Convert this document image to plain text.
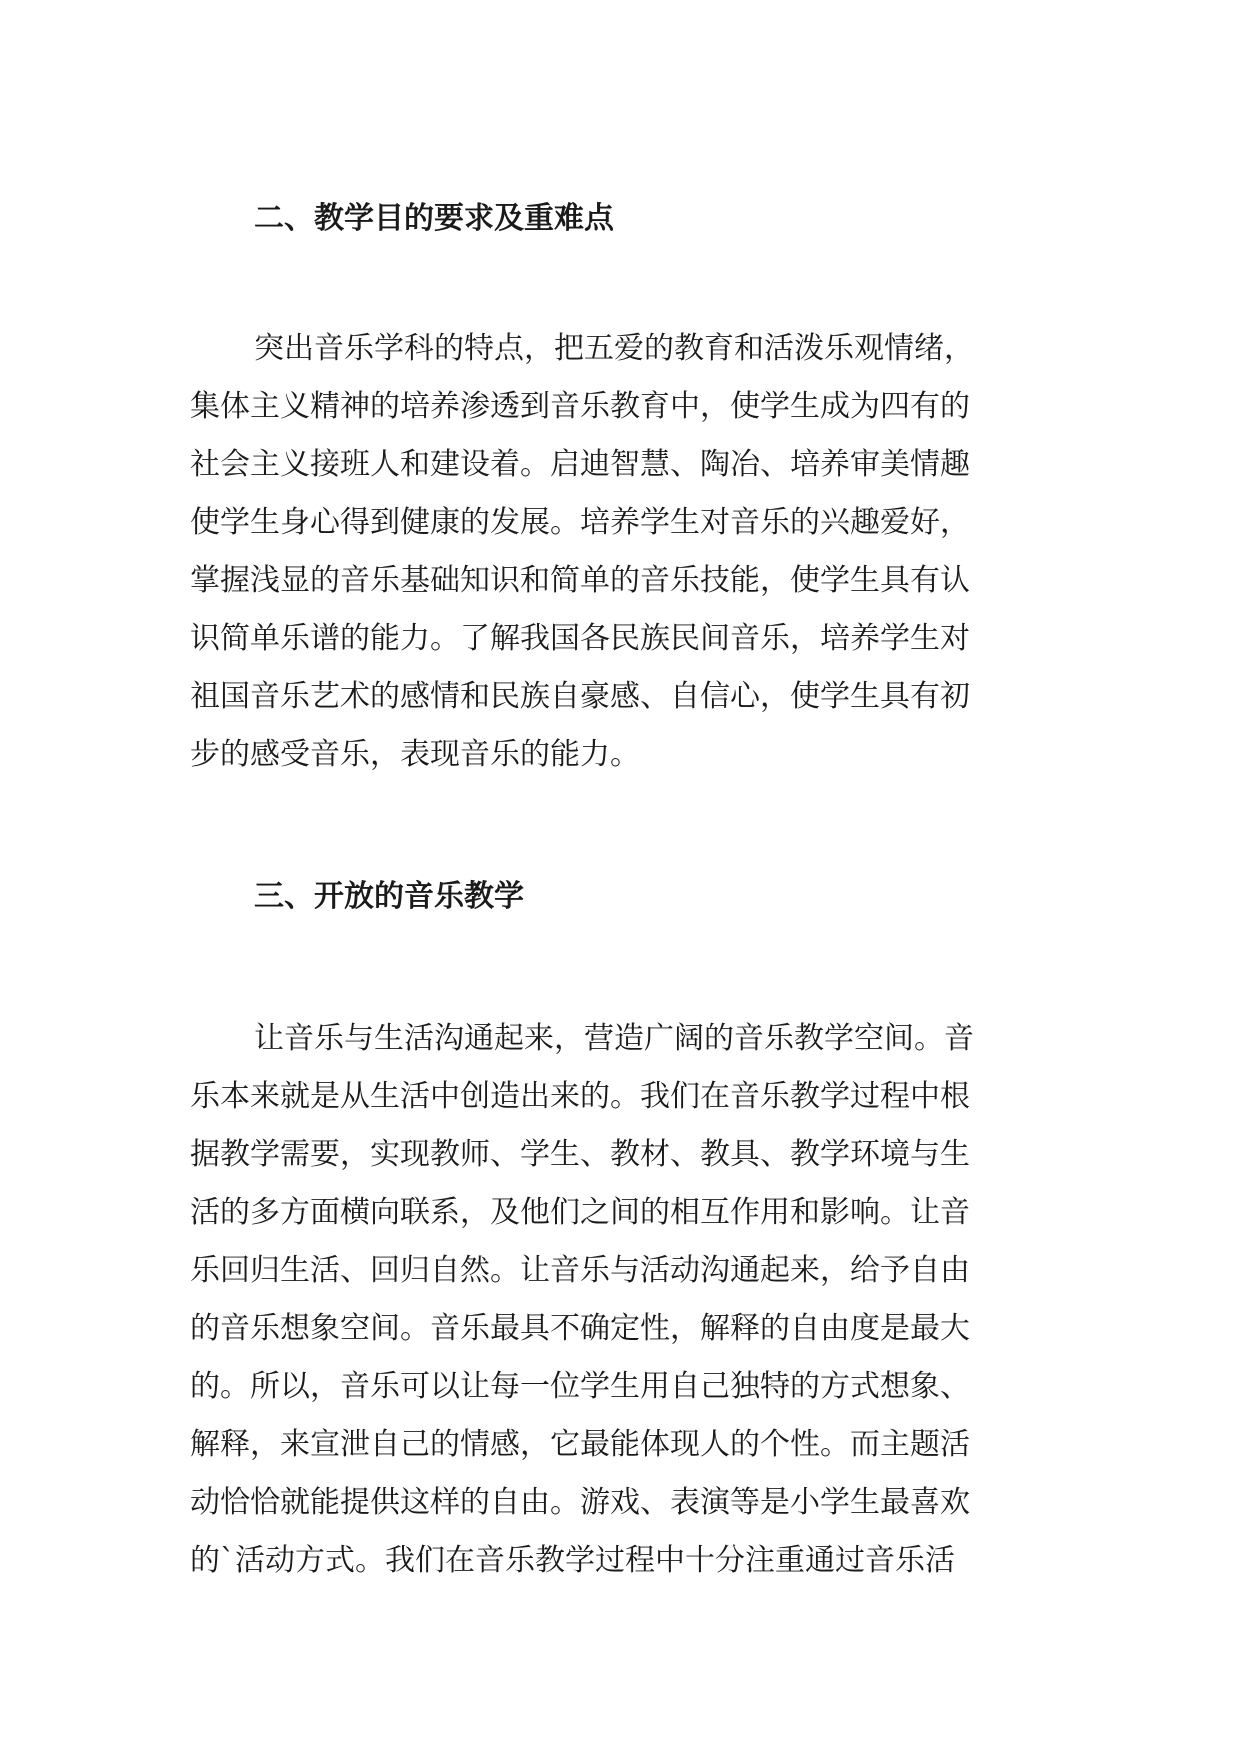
二、教学目的要求及重难点
突出音乐学科的特点，把五爱的教育和活泼乐观情绪，
集体主义精神的培养渗透到音乐教育中，使学生成为四有的
社会主义接班人和建设着。启迪智慧、陶冶、培养审美情趣
使学生身心得到健康的发展。培养学生对音乐的兴趣爱好，
掌握浅显的音乐基础知识和简单的音乐技能，使学生具有认
识简单乐谱的能力。了解我国各民族民间音乐，培养学生对
祖国音乐艺术的感情和民族自豪感、自信心，使学生具有初
步的感受音乐，表现音乐的能力。
三、开放的音乐教学
让音乐与生活沟通起来，营造广阔的音乐教学空间。音
乐本来就是从生活中创造出来的。我们在音乐教学过程中根
据教学需要，实现教师、学生、教材、教具、教学环境与生
活的多方面横向联系，及他们之间的相互作用和影响。让音
乐回归生活、回归自然。让音乐与活动沟通起来，给予自由
的音乐想象空间。音乐最具不确定性，解释的自由度是最大
的。所以，音乐可以让每一位学生用自己独特的方式想象、
解释，来宣泄自己的情感，它最能体现人的个性。而主题活
动恰恰就能提供这样的自由。游戏、表演等是小学生最喜欢
的`活动方式。我们在音乐教学过程中十分注重通过音乐活
